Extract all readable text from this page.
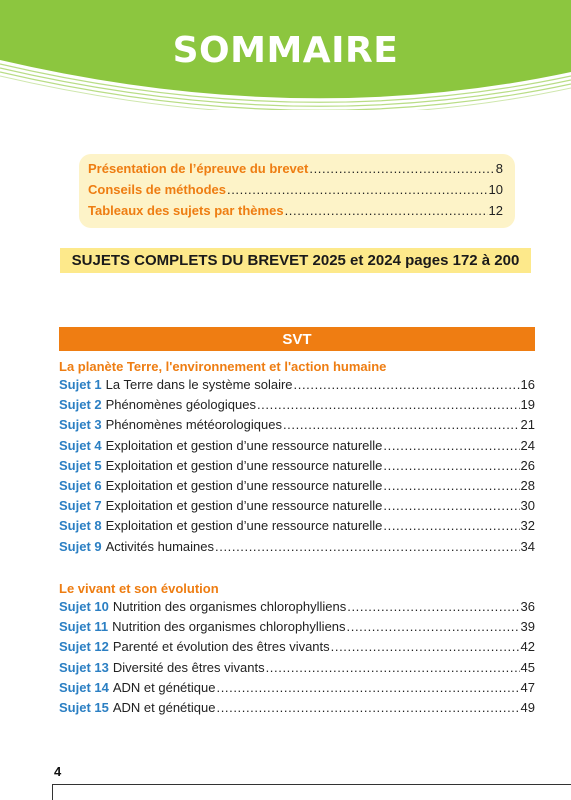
SOMMAIRE
Présentation de l’épreuve du brevet .....	8
Conseils de méthodes .....	10
Tableaux des sujets par thèmes .....	12
SUJETS COMPLETS DU BREVET 2025 et 2024 pages 172 à 200
SVT
La planète Terre, l'environnement et l'action humaine
Sujet 1 La Terre dans le système solaire .....	16
Sujet 2 Phénomènes géologiques .....	19
Sujet 3 Phénomènes météorologiques .....	21
Sujet 4 Exploitation et gestion d’une ressource naturelle .....	24
Sujet 5 Exploitation et gestion d’une ressource naturelle .....	26
Sujet 6 Exploitation et gestion d’une ressource naturelle .....	28
Sujet 7 Exploitation et gestion d’une ressource naturelle .....	30
Sujet 8 Exploitation et gestion d’une ressource naturelle .....	32
Sujet 9 Activités humaines .....	34
Le vivant et son évolution
Sujet 10 Nutrition des organismes chlorophylliens .....	36
Sujet 11 Nutrition des organismes chlorophylliens .....	39
Sujet 12 Parenté et évolution des êtres vivants .....	42
Sujet 13 Diversité des êtres vivants .....	45
Sujet 14 ADN et génétique .....	47
Sujet 15 ADN et génétique .....	49
4
